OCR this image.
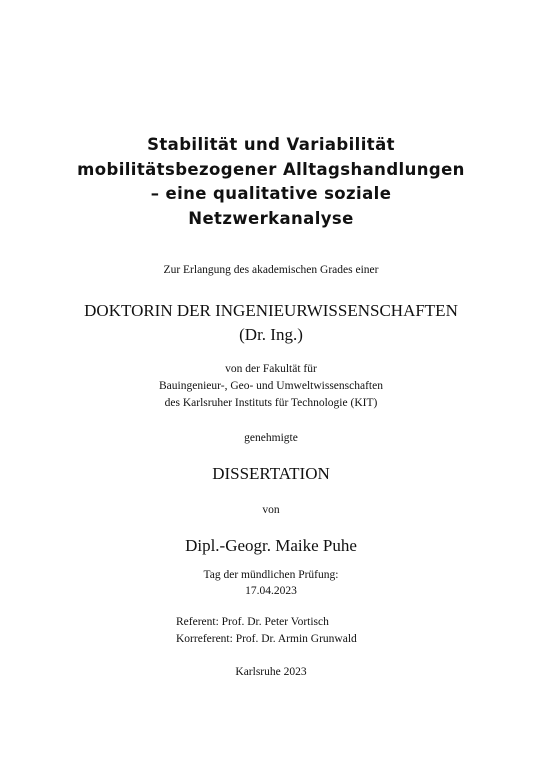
Stabilität und Variabilität
mobilitätsbezogener Alltagshandlungen
– eine qualitative soziale
Netzwerkanalyse
Zur Erlangung des akademischen Grades einer
DOKTORIN DER INGENIEURWISSENSCHAFTEN
(Dr. Ing.)
von der Fakultät für
Bauingenieur-, Geo- und Umweltwissenschaften
des Karlsruher Instituts für Technologie (KIT)
genehmigte
DISSERTATION
von
Dipl.-Geogr. Maike Puhe
Tag der mündlichen Prüfung:
17.04.2023
Referent: Prof. Dr. Peter Vortisch
Korreferent: Prof. Dr. Armin Grunwald
Karlsruhe 2023
